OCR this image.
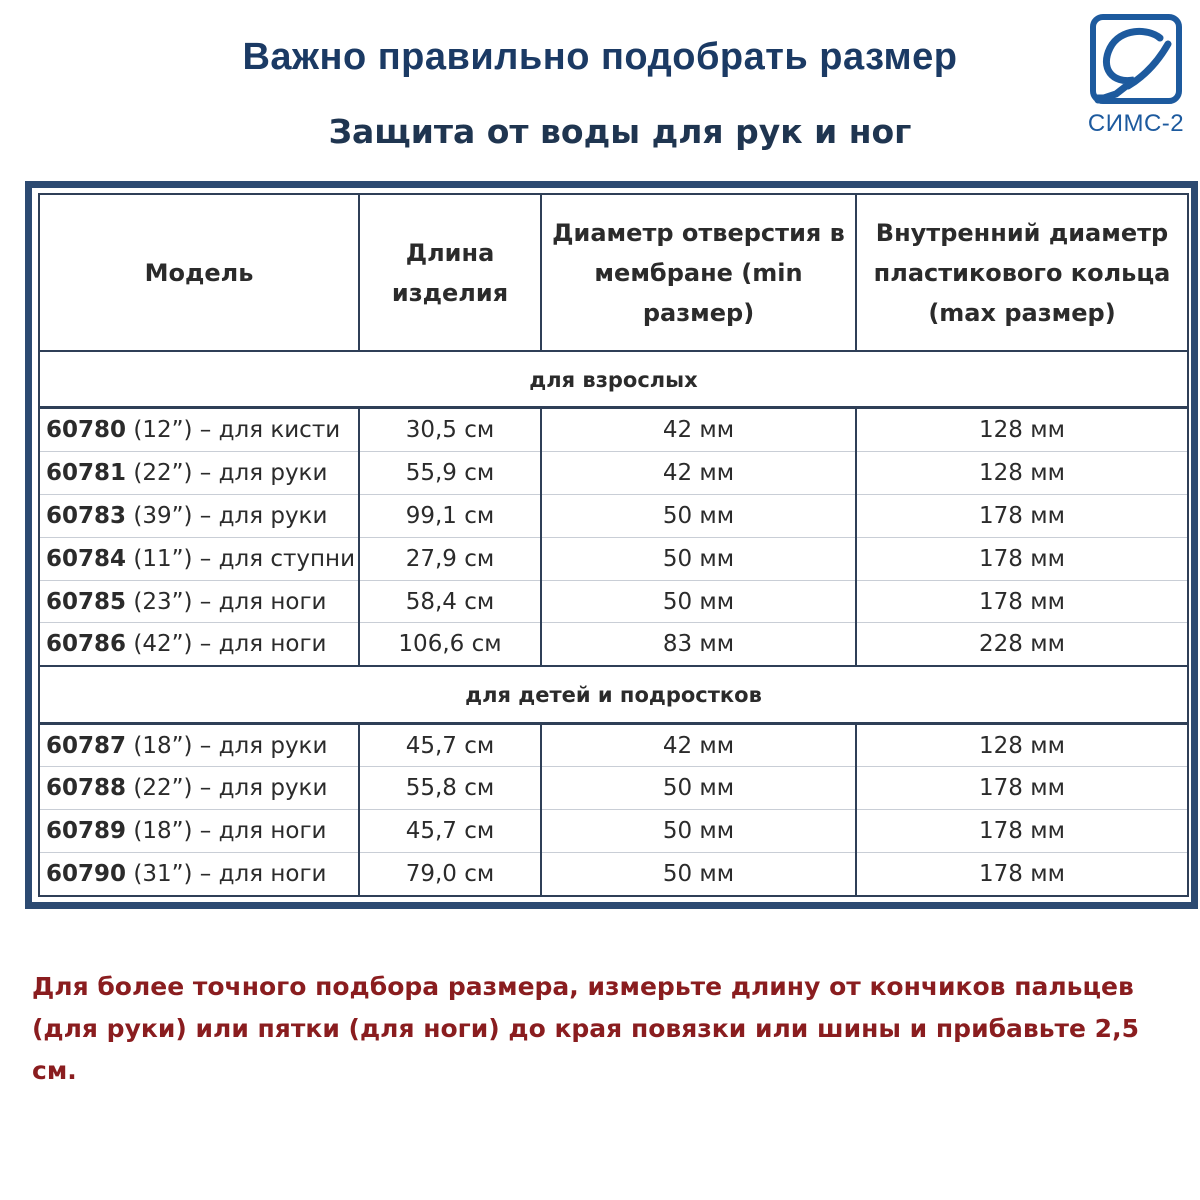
Важно правильно подобрать размер
СИМС-2
Защита от воды для рук и ног
Модель	Длина изделия	Диаметр отверстия в мембране (min размер)	Внутренний диаметр пластикового кольца (max размер)
для взрослых			
60780 (12”) – для кисти	30,5 см	42 мм	128 мм
60781 (22”) – для руки	55,9 см	42 мм	128 мм
60783 (39”) – для руки	99,1 см	50 мм	178 мм
60784 (11”) – для ступни	27,9 см	50 мм	178 мм
60785 (23”) – для ноги	58,4 см	50 мм	178 мм
60786 (42”) – для ноги	106,6 см	83 мм	228 мм
для детей и подростков			
60787 (18”) – для руки	45,7 см	42 мм	128 мм
60788 (22”) – для руки	55,8 см	50 мм	178 мм
60789 (18”) – для ноги	45,7 см	50 мм	178 мм
60790 (31”) – для ноги	79,0 см	50 мм	178 мм
Для более точного подбора размера, измерьте длину от кончиков пальцев (для руки) или пятки (для ноги) до края повязки или шины и прибавьте 2,5 см.
